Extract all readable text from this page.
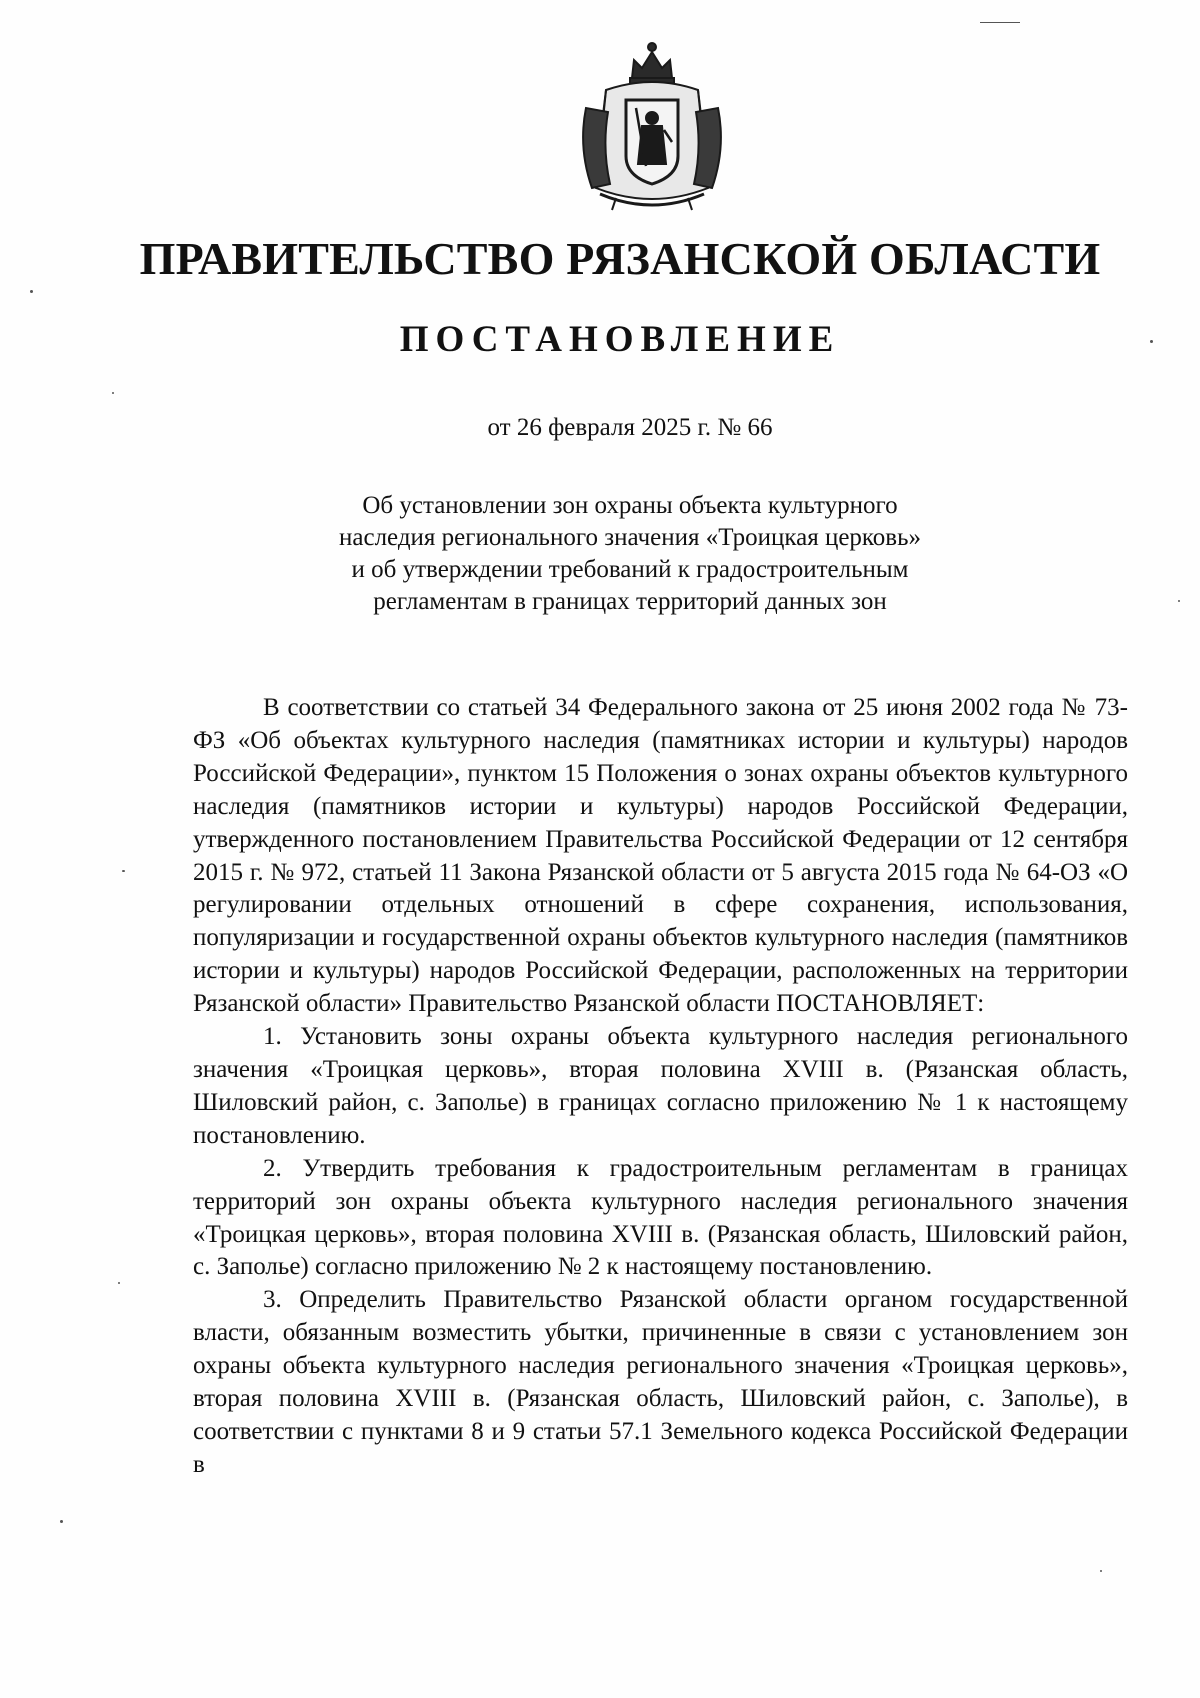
ПРАВИТЕЛЬСТВО РЯЗАНСКОЙ ОБЛАСТИ
ПОСТАНОВЛЕНИЕ
от 26 февраля 2025 г. № 66
Об установлении зон охраны объекта культурного
наследия регионального значения «Троицкая церковь»
и об утверждении требований к градостроительным
регламентам в границах территорий данных зон

В соответствии со статьей 34 Федерального закона от 25 июня 2002 года № 73-ФЗ «Об объектах культурного наследия (памятниках истории и культуры) народов Российской Федерации», пунктом 15 Положения о зонах охраны объектов культурного наследия (памятников истории и культуры) народов Российской Федерации, утвержденного постановлением Правительства Российской Федерации от 12 сентября 2015 г. № 972, статьей 11 Закона Рязанской области от 5 августа 2015 года № 64-ОЗ «О регулировании отдельных отношений в сфере сохранения, использования, популяризации и государственной охраны объектов культурного наследия (памятников истории и культуры) народов Российской Федерации, расположенных на территории Рязанской области» Правительство Рязанской области ПОСТАНОВЛЯЕТ:

1. Установить зоны охраны объекта культурного наследия регионального значения «Троицкая церковь», вторая половина XVIII в. (Рязанская область, Шиловский район, с. Заполье) в границах согласно приложению № 1 к настоящему постановлению.

2. Утвердить требования к градостроительным регламентам в границах территорий зон охраны объекта культурного наследия регионального значения «Троицкая церковь», вторая половина XVIII в. (Рязанская область, Шиловский район, с. Заполье) согласно приложению № 2 к настоящему постановлению.

3. Определить Правительство Рязанской области органом государственной власти, обязанным возместить убытки, причиненные в связи с установлением зон охраны объекта культурного наследия регионального значения «Троицкая церковь», вторая половина XVIII в. (Рязанская область, Шиловский район, с. Заполье), в соответствии с пунктами 8 и 9 статьи 57.1 Земельного кодекса Российской Федерации в
